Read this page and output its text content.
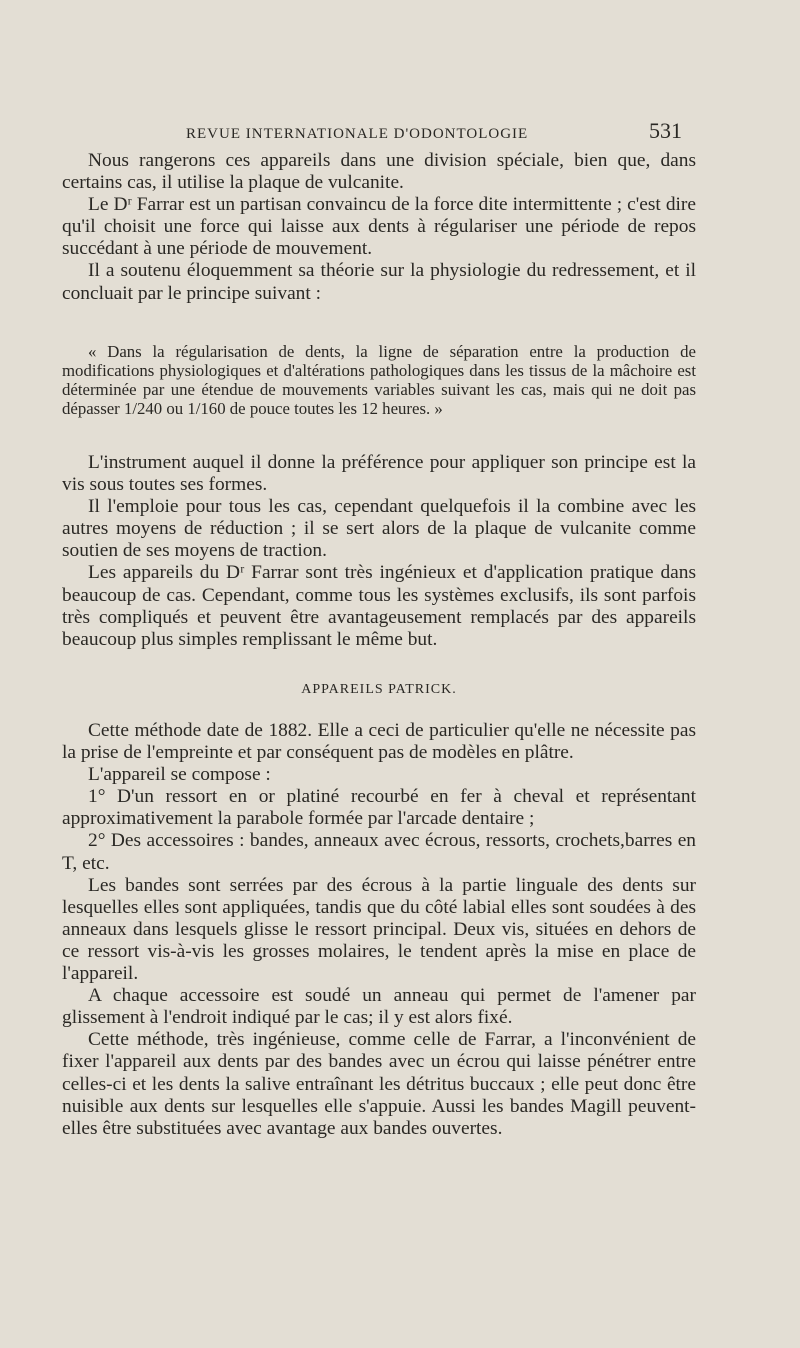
REVUE INTERNATIONALE D'ODONTOLOGIE	531

Nous rangerons ces appareils dans une division spéciale, bien que, dans certains cas, il utilise la plaque de vulcanite.

Le Dʳ Farrar est un partisan convaincu de la force dite intermittente ; c'est dire qu'il choisit une force qui laisse aux dents à régulariser une période de repos succédant à une période de mouvement.

Il a soutenu éloquemment sa théorie sur la physiologie du redressement, et il concluait par le principe suivant :

« Dans la régularisation de dents, la ligne de séparation entre la production de modifications physiologiques et d'altérations pathologiques dans les tissus de la mâchoire est déterminée par une étendue de mouvements variables suivant les cas, mais qui ne doit pas dépasser 1/240 ou 1/160 de pouce toutes les 12 heures. »

L'instrument auquel il donne la préférence pour appliquer son principe est la vis sous toutes ses formes.

Il l'emploie pour tous les cas, cependant quelquefois il la combine avec les autres moyens de réduction ; il se sert alors de la plaque de vulcanite comme soutien de ses moyens de traction.

Les appareils du Dʳ Farrar sont très ingénieux et d'application pratique dans beaucoup de cas. Cependant, comme tous les systèmes exclusifs, ils sont parfois très compliqués et peuvent être avantageusement remplacés par des appareils beaucoup plus simples remplissant le même but.

APPAREILS PATRICK.

Cette méthode date de 1882. Elle a ceci de particulier qu'elle ne nécessite pas la prise de l'empreinte et par conséquent pas de modèles en plâtre.

L'appareil se compose :

1° D'un ressort en or platiné recourbé en fer à cheval et représentant approximativement la parabole formée par l'arcade dentaire ;

2° Des accessoires : bandes, anneaux avec écrous, ressorts, crochets,barres en T, etc.

Les bandes sont serrées par des écrous à la partie linguale des dents sur lesquelles elles sont appliquées, tandis que du côté labial elles sont soudées à des anneaux dans lesquels glisse le ressort principal. Deux vis, situées en dehors de ce ressort vis-à-vis les grosses molaires, le tendent après la mise en place de l'appareil.

A chaque accessoire est soudé un anneau qui permet de l'amener par glissement à l'endroit indiqué par le cas; il y est alors fixé.

Cette méthode, très ingénieuse, comme celle de Farrar, a l'inconvénient de fixer l'appareil aux dents par des bandes avec un écrou qui laisse pénétrer entre celles-ci et les dents la salive entraînant les détritus buccaux ; elle peut donc être nuisible aux dents sur lesquelles elle s'appuie. Aussi les bandes Magill peuvent-elles être substituées avec avantage aux bandes ouvertes.
